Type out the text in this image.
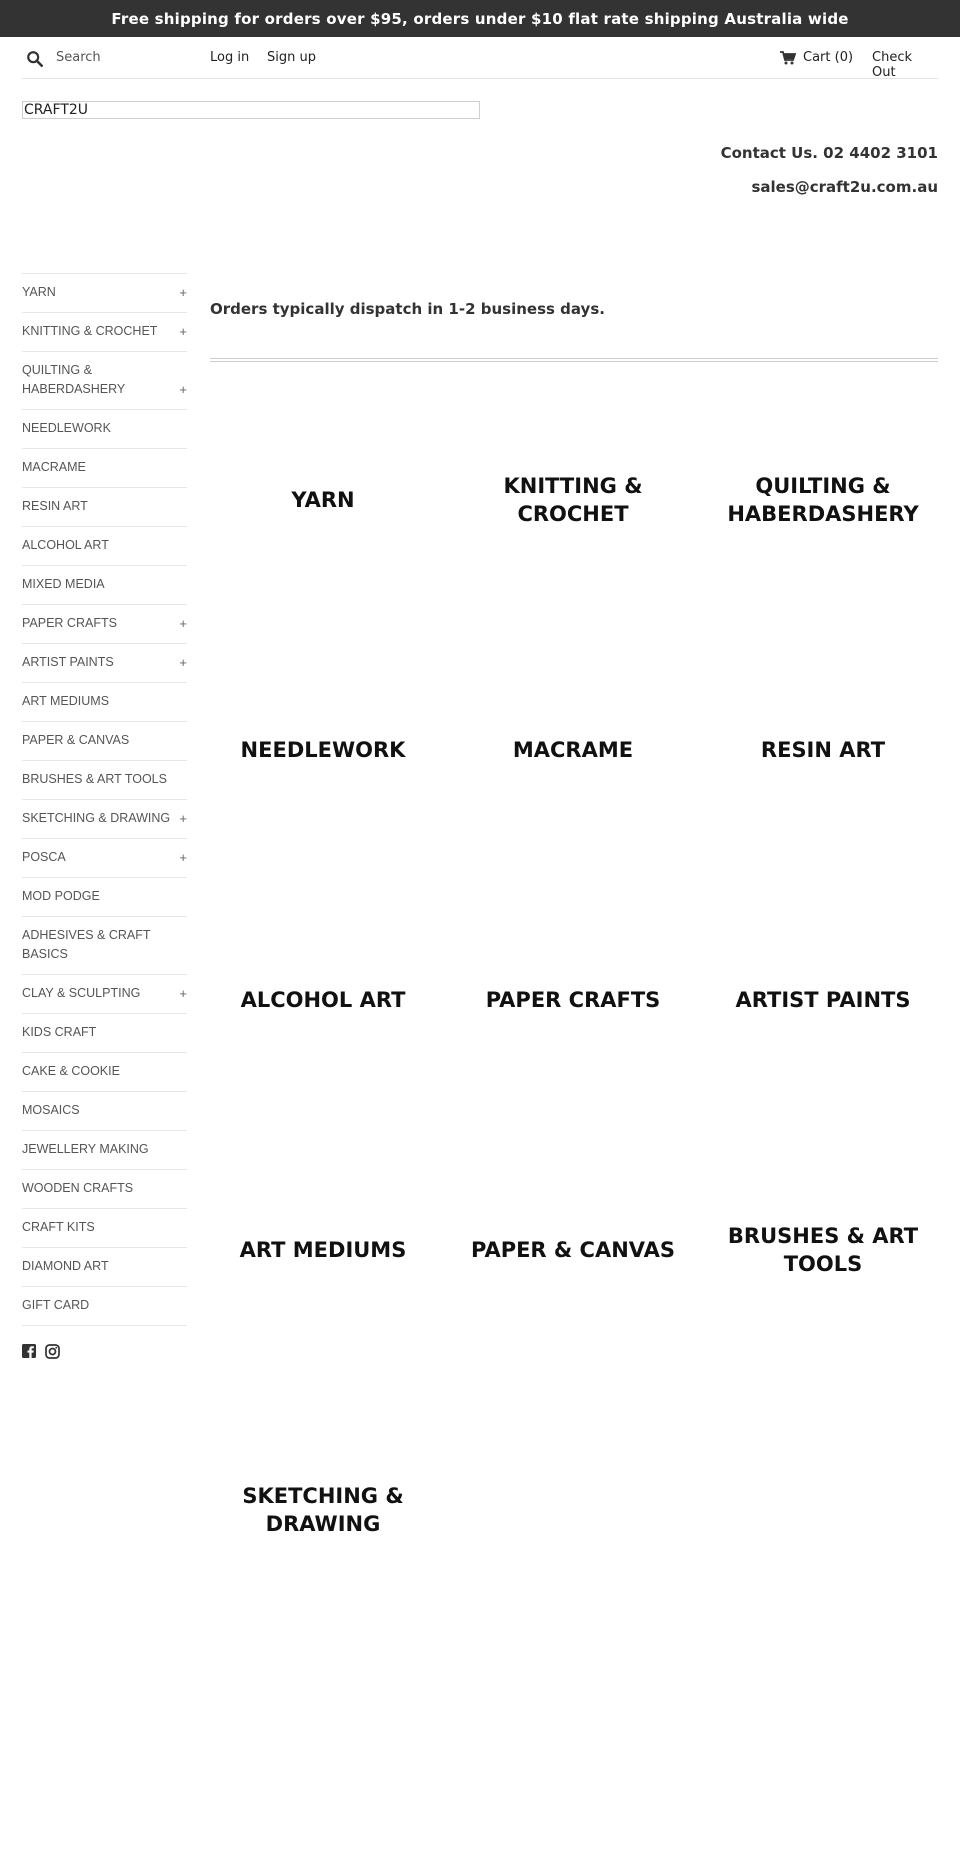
Free shipping for orders over $95, orders under $10 flat rate shipping Australia wide
Search
Log in Sign up	Cart (0) Check Out
CRAFT2U
Contact Us. 02 4402 3101
sales@craft2u.com.au
YARN	+
KNITTING & CROCHET +
QUILTING & HABERDASHERY	+
NEEDLEWORK
MACRAME
RESIN ART
ALCOHOL ART
MIXED MEDIA
PAPER CRAFTS	+
ARTIST PAINTS	+
ART MEDIUMS
PAPER & CANVAS
BRUSHES & ART TOOLS
SKETCHING & DRAWING +
POSCA	+
MOD PODGE
ADHESIVES & CRAFT BASICS
CLAY & SCULPTING	+
KIDS CRAFT
CAKE & COOKIE
MOSAICS
JEWELLERY MAKING
WOODEN CRAFTS
CRAFT KITS
DIAMOND ART
GIFT CARD
Orders typically dispatch in 1-2 business days.
YARN
KNITTING & CROCHET
QUILTING & HABERDASHERY
NEEDLEWORK	MACRAME	RESIN ART
ALCOHOL ART	PAPER CRAFTS	ARTIST PAINTS
ART MEDIUMS	PAPER & CANVAS
BRUSHES & ART TOOLS
SKETCHING & DRAWING
